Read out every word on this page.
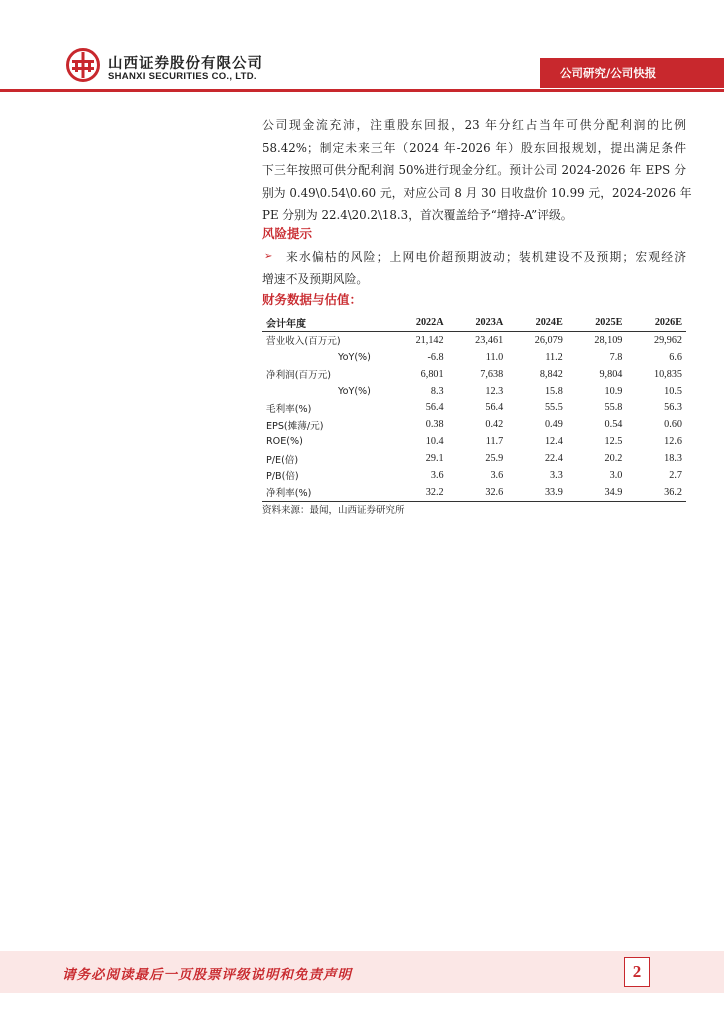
山西证券股份有限公司
SHANXI SECURITIES CO., LTD.	公司研究/公司快报

公司现金流充沛，注重股东回报，23 年分红占当年可供分配利润的比例
58.42%；制定未来三年（2024 年-2026 年）股东回报规划，提出满足条件
下三年按照可供分配利润 50%进行现金分红。预计公司 2024-2026 年 EPS 分
别为 0.49\0.54\0.60 元，对应公司 8 月 30 日收盘价 10.99 元，2024-2026 年
PE 分别为 22.4\20.2\18.3，首次覆盖给予“增持-A”评级。

风险提示
➢	来水偏枯的风险；上网电价超预期波动；装机建设不及预期；宏观经济
增速不及预期风险。
财务数据与估值：
会计年度	2022A	2023A	2024E	2025E	2026E
营业收入(百万元)	21,142	23,461	26,079	28,109	29,962
YoY(%)	-6.8	11.0	11.2	7.8	6.6
净利润(百万元)	6,801	7,638	8,842	9,804	10,835
YoY(%)	8.3	12.3	15.8	10.9	10.5
毛利率(%)	56.4	56.4	55.5	55.8	56.3
EPS(摊薄/元)	0.38	0.42	0.49	0.54	0.60
ROE(%)	10.4	11.7	12.4	12.5	12.6
P/E(倍)	29.1	25.9	22.4	20.2	18.3
P/B(倍)	3.6	3.6	3.3	3.0	2.7
净利率(%)	32.2	32.6	33.9	34.9	36.2
资料来源：最闻，山西证券研究所
请务必阅读最后一页股票评级说明和免责声明	2
